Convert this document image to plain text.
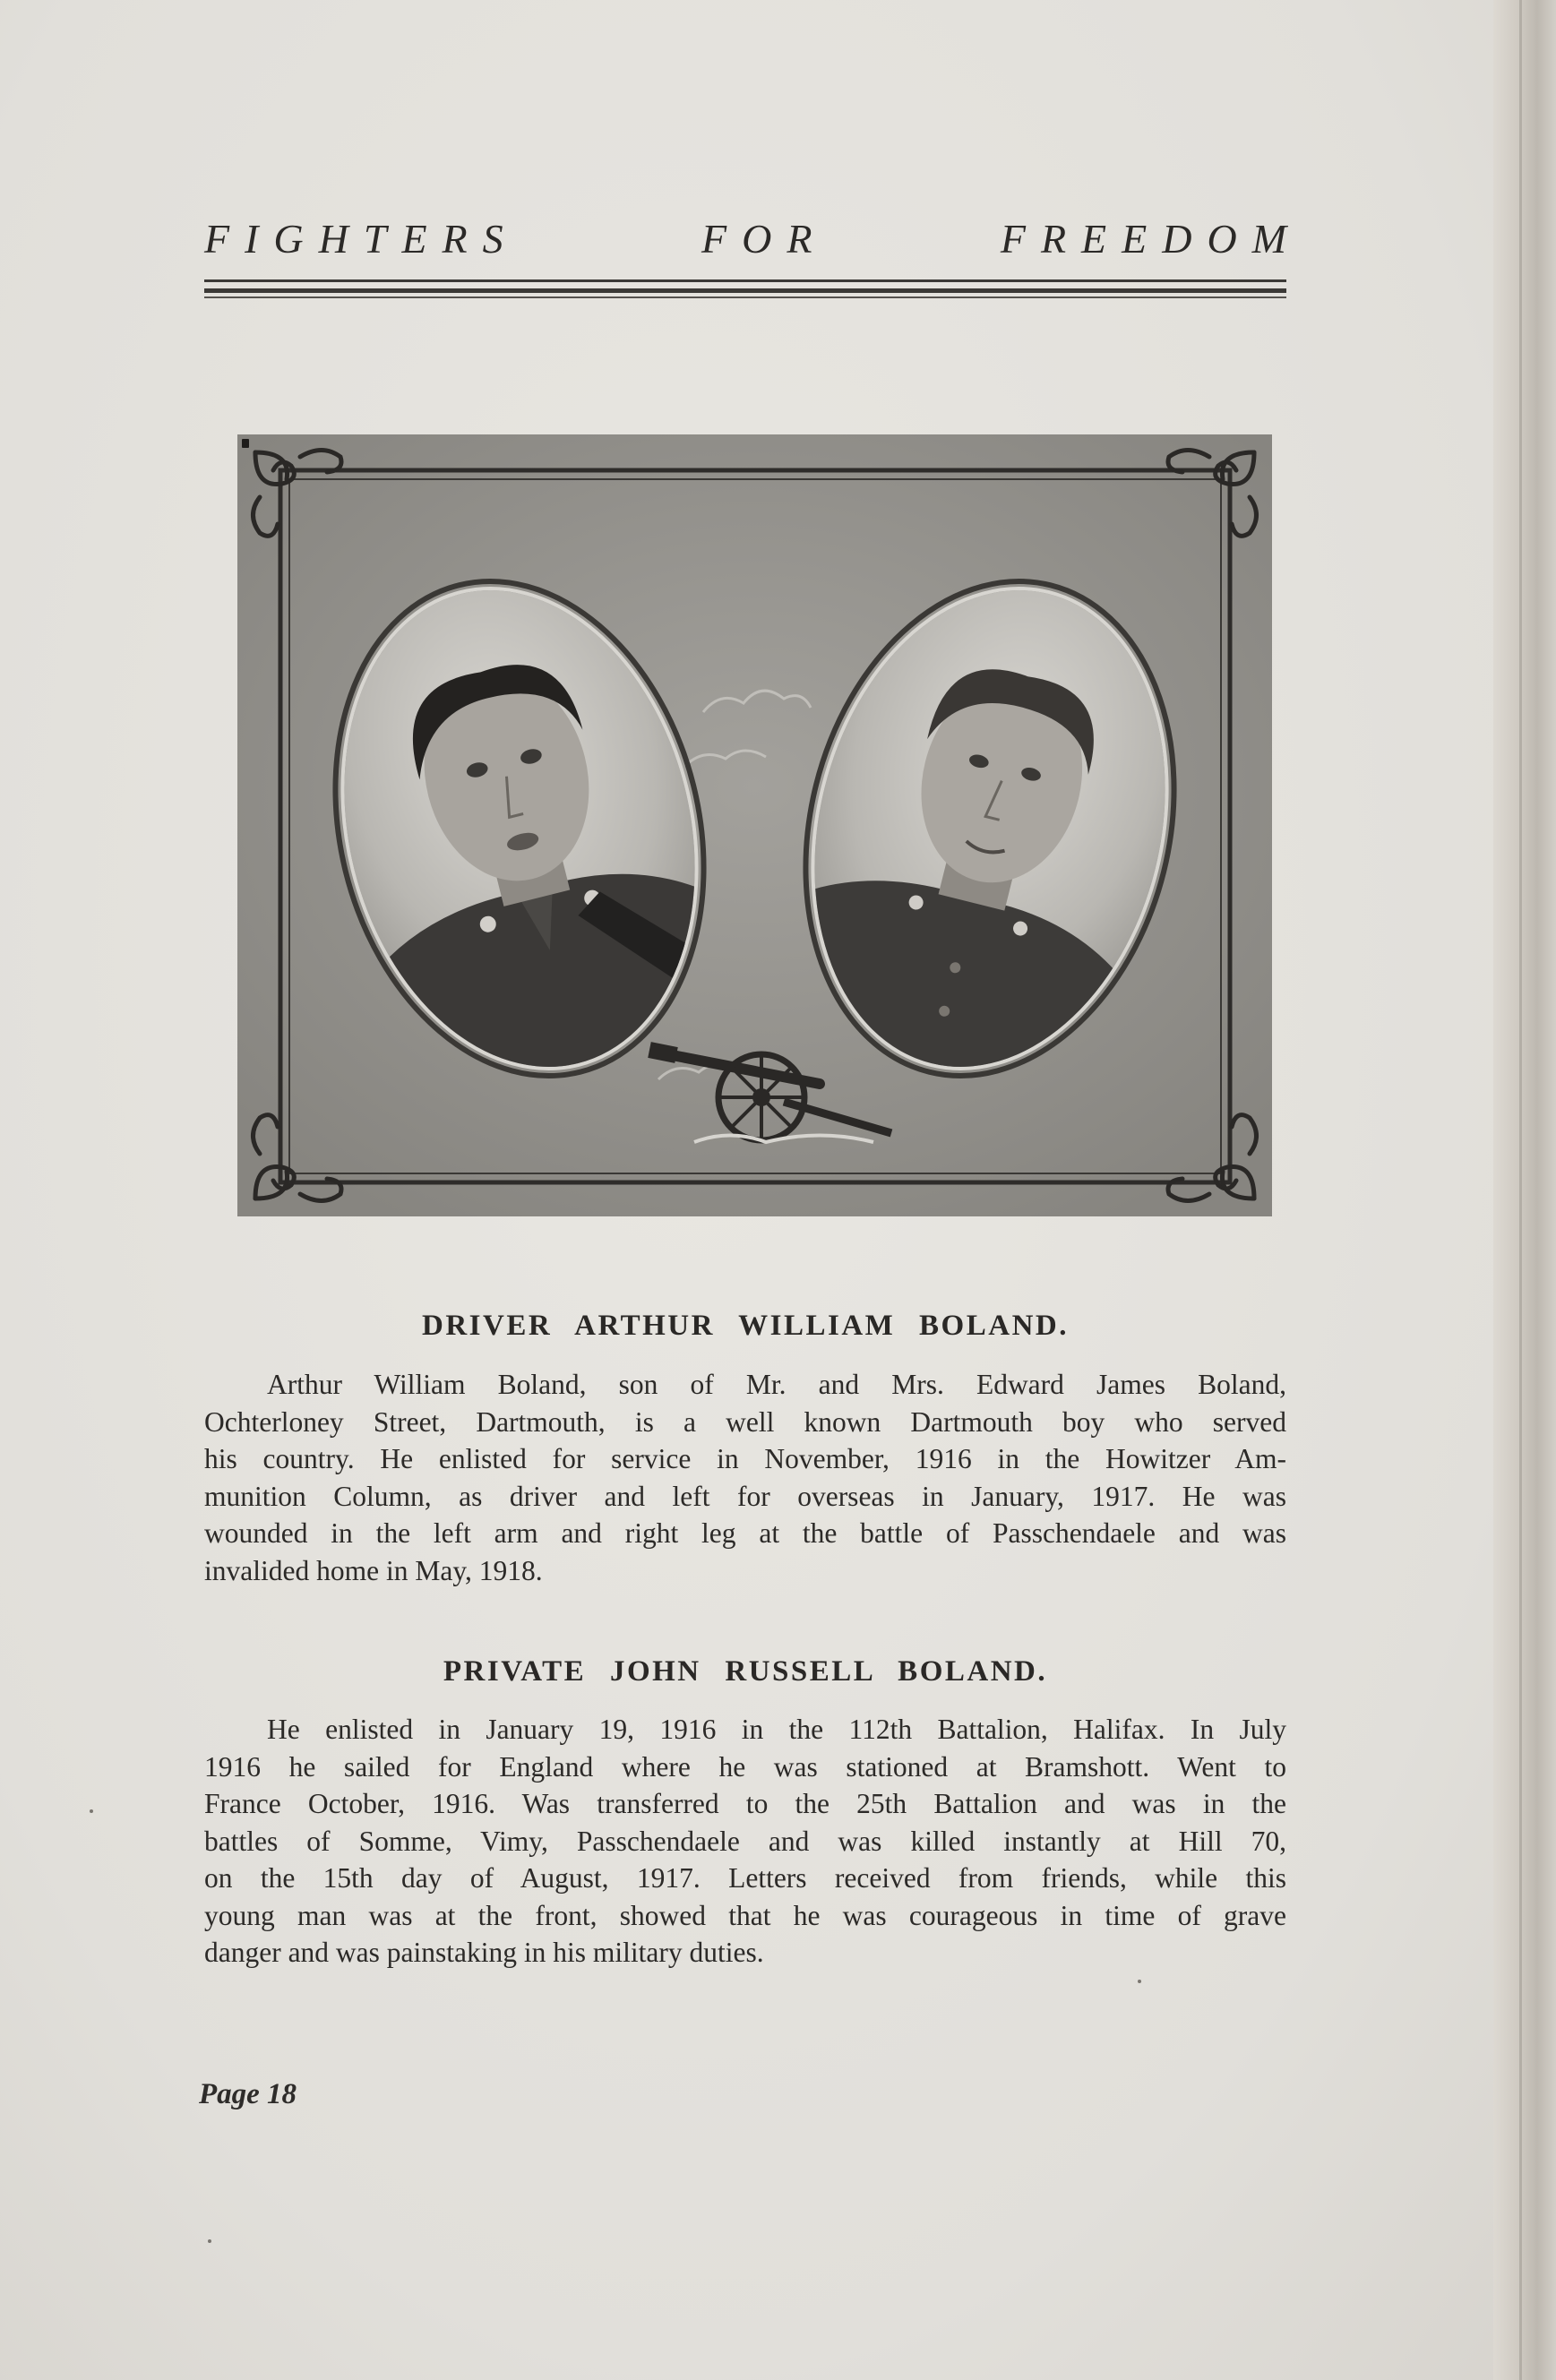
FIGHTERS	FOR	FREEDOM
DRIVER ARTHUR WILLIAM BOLAND.
Arthur William Boland, son of Mr. and Mrs. Edward James Boland,
Ochterloney Street, Dartmouth, is a well known Dartmouth boy who served
his country. He enlisted for service in November, 1916 in the Howitzer Am-
munition Column, as driver and left for overseas in January, 1917. He was
wounded in the left arm and right leg at the battle of Passchendaele and was
invalided home in May, 1918.
PRIVATE JOHN RUSSELL BOLAND.
He enlisted in January 19, 1916 in the 112th Battalion, Halifax. In July
1916 he sailed for England where he was stationed at Bramshott. Went to
France October, 1916. Was transferred to the 25th Battalion and was in the
battles of Somme, Vimy, Passchendaele and was killed instantly at Hill 70,
on the 15th day of August, 1917. Letters received from friends, while this
young man was at the front, showed that he was courageous in time of grave
danger and was painstaking in his military duties.
Page 18
